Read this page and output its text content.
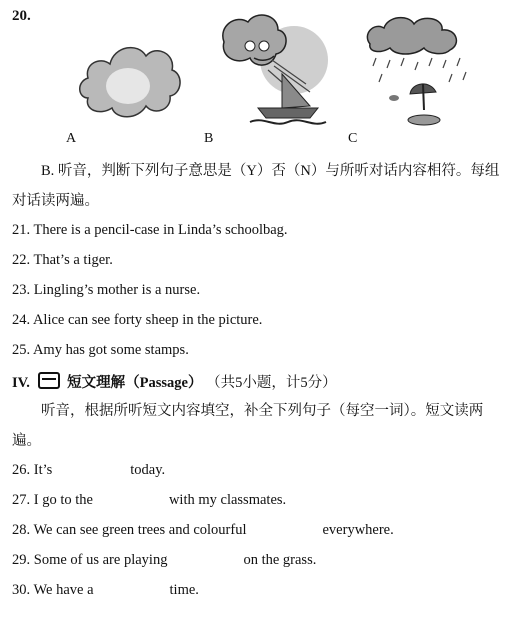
20.
A	B	C
B. 听音，判断下列句子意思是（Y）否（N）与所听对话内容相符。每组对话读两遍。
21. There is a pencil-case in Linda’s schoolbag.
22. That’s a tiger.
23. Lingling’s mother is a nurse.
24. Alice can see forty sheep in the picture.
25. Amy has got some stamps.
IV.	短文理解（Passage） （共5小题，计5分）
听音，根据所听短文内容填空，补全下列句子（每空一词）。短文读两遍。
26. It’s	today.
27. I go to the	with my classmates.
28. We can see green trees and colourful	everywhere.
29. Some of us are playing	on the grass.
30. We have a	time.
